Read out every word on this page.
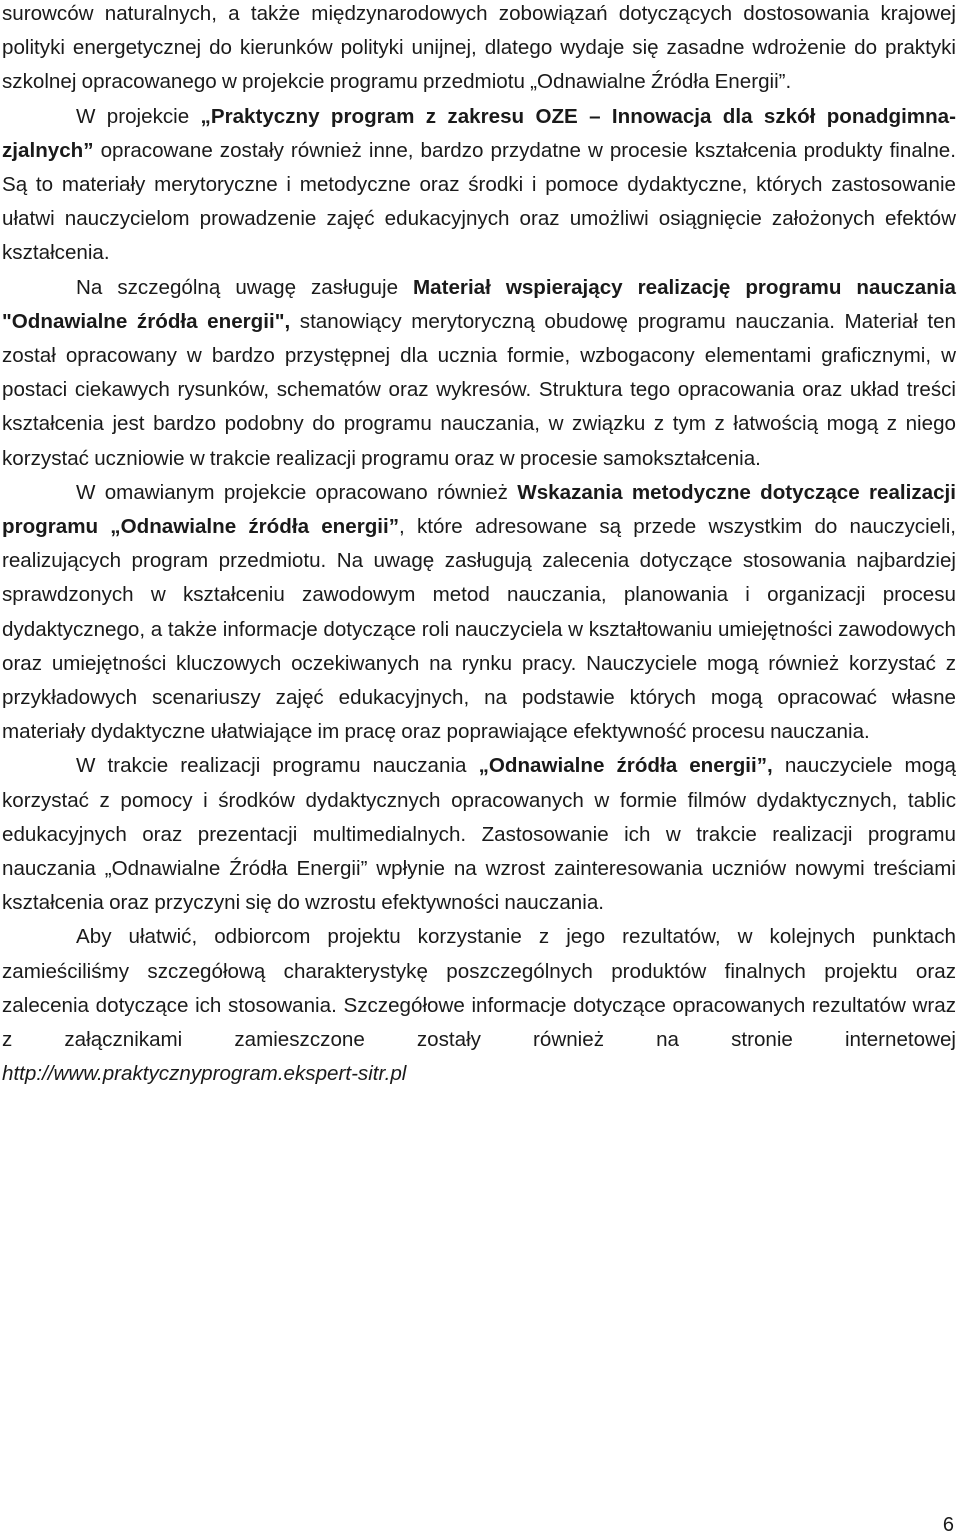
surowców naturalnych, a także międzynarodowych zobowiązań dotyczących dostosowania krajowej polityki energetycznej do kierunków polityki unijnej, dlatego wydaje się zasadne wdrożenie do praktyki szkolnej opracowanego w projekcie programu przedmiotu „Odnawialne Źródła Energii”.

W projekcie „Praktyczny program z zakresu OZE – Innowacja dla szkół ponadgimnazjalnych” opracowane zostały również inne, bardzo przydatne w procesie kształcenia produkty finalne. Są to materiały merytoryczne i metodyczne oraz środki i pomoce dydaktyczne, których zastosowanie ułatwi nauczycielom prowadzenie zajęć edukacyjnych oraz umożliwi osiągnięcie założonych efektów kształcenia.

Na szczególną uwagę zasługuje Materiał wspierający realizację programu nauczania "Odnawialne źródła energii", stanowiący merytoryczną obudowę programu nauczania. Materiał ten został opracowany w bardzo przystępnej dla ucznia formie, wzbogacony elementami graficznymi, w postaci ciekawych rysunków, schematów oraz wykresów. Struktura tego opracowania oraz układ treści kształcenia jest bardzo podobny do programu nauczania, w związku z tym z łatwością mogą z niego korzystać uczniowie w trakcie realizacji programu oraz w procesie samokształcenia.

W omawianym projekcie opracowano również Wskazania metodyczne dotyczące realizacji programu „Odnawialne źródła energii”, które adresowane są przede wszystkim do nauczycieli, realizujących program przedmiotu. Na uwagę zasługują zalecenia dotyczące stosowania najbardziej sprawdzonych w kształceniu zawodowym metod nauczania, planowania i organizacji procesu dydaktycznego, a także informacje dotyczące roli nauczyciela w kształtowaniu umiejętności zawodowych oraz umiejętności kluczowych oczekiwanych na rynku pracy. Nauczyciele mogą również korzystać z przykładowych scenariuszy zajęć edukacyjnych, na podstawie których mogą opracować własne materiały dydaktyczne ułatwiające im pracę oraz poprawiające efektywność procesu nauczania.

W trakcie realizacji programu nauczania „Odnawialne źródła energii”, nauczyciele mogą korzystać z pomocy i środków dydaktycznych opracowanych w formie filmów dydaktycznych, tablic edukacyjnych oraz prezentacji multimedialnych. Zastosowanie ich w trakcie realizacji programu nauczania „Odnawialne Źródła Energii” wpłynie na wzrost zainteresowania uczniów nowymi treściami kształcenia oraz przyczyni się do wzrostu efektywności nauczania.

Aby ułatwić, odbiorcom projektu korzystanie z jego rezultatów, w kolejnych punktach zamieściliśmy szczegółową charakterystykę poszczególnych produktów finalnych projektu oraz zalecenia dotyczące ich stosowania. Szczegółowe informacje dotyczące opracowanych rezultatów wraz z załącznikami zamieszczone zostały również na stronie internetowej http://www.praktycznyprogram.ekspert-sitr.pl

6
